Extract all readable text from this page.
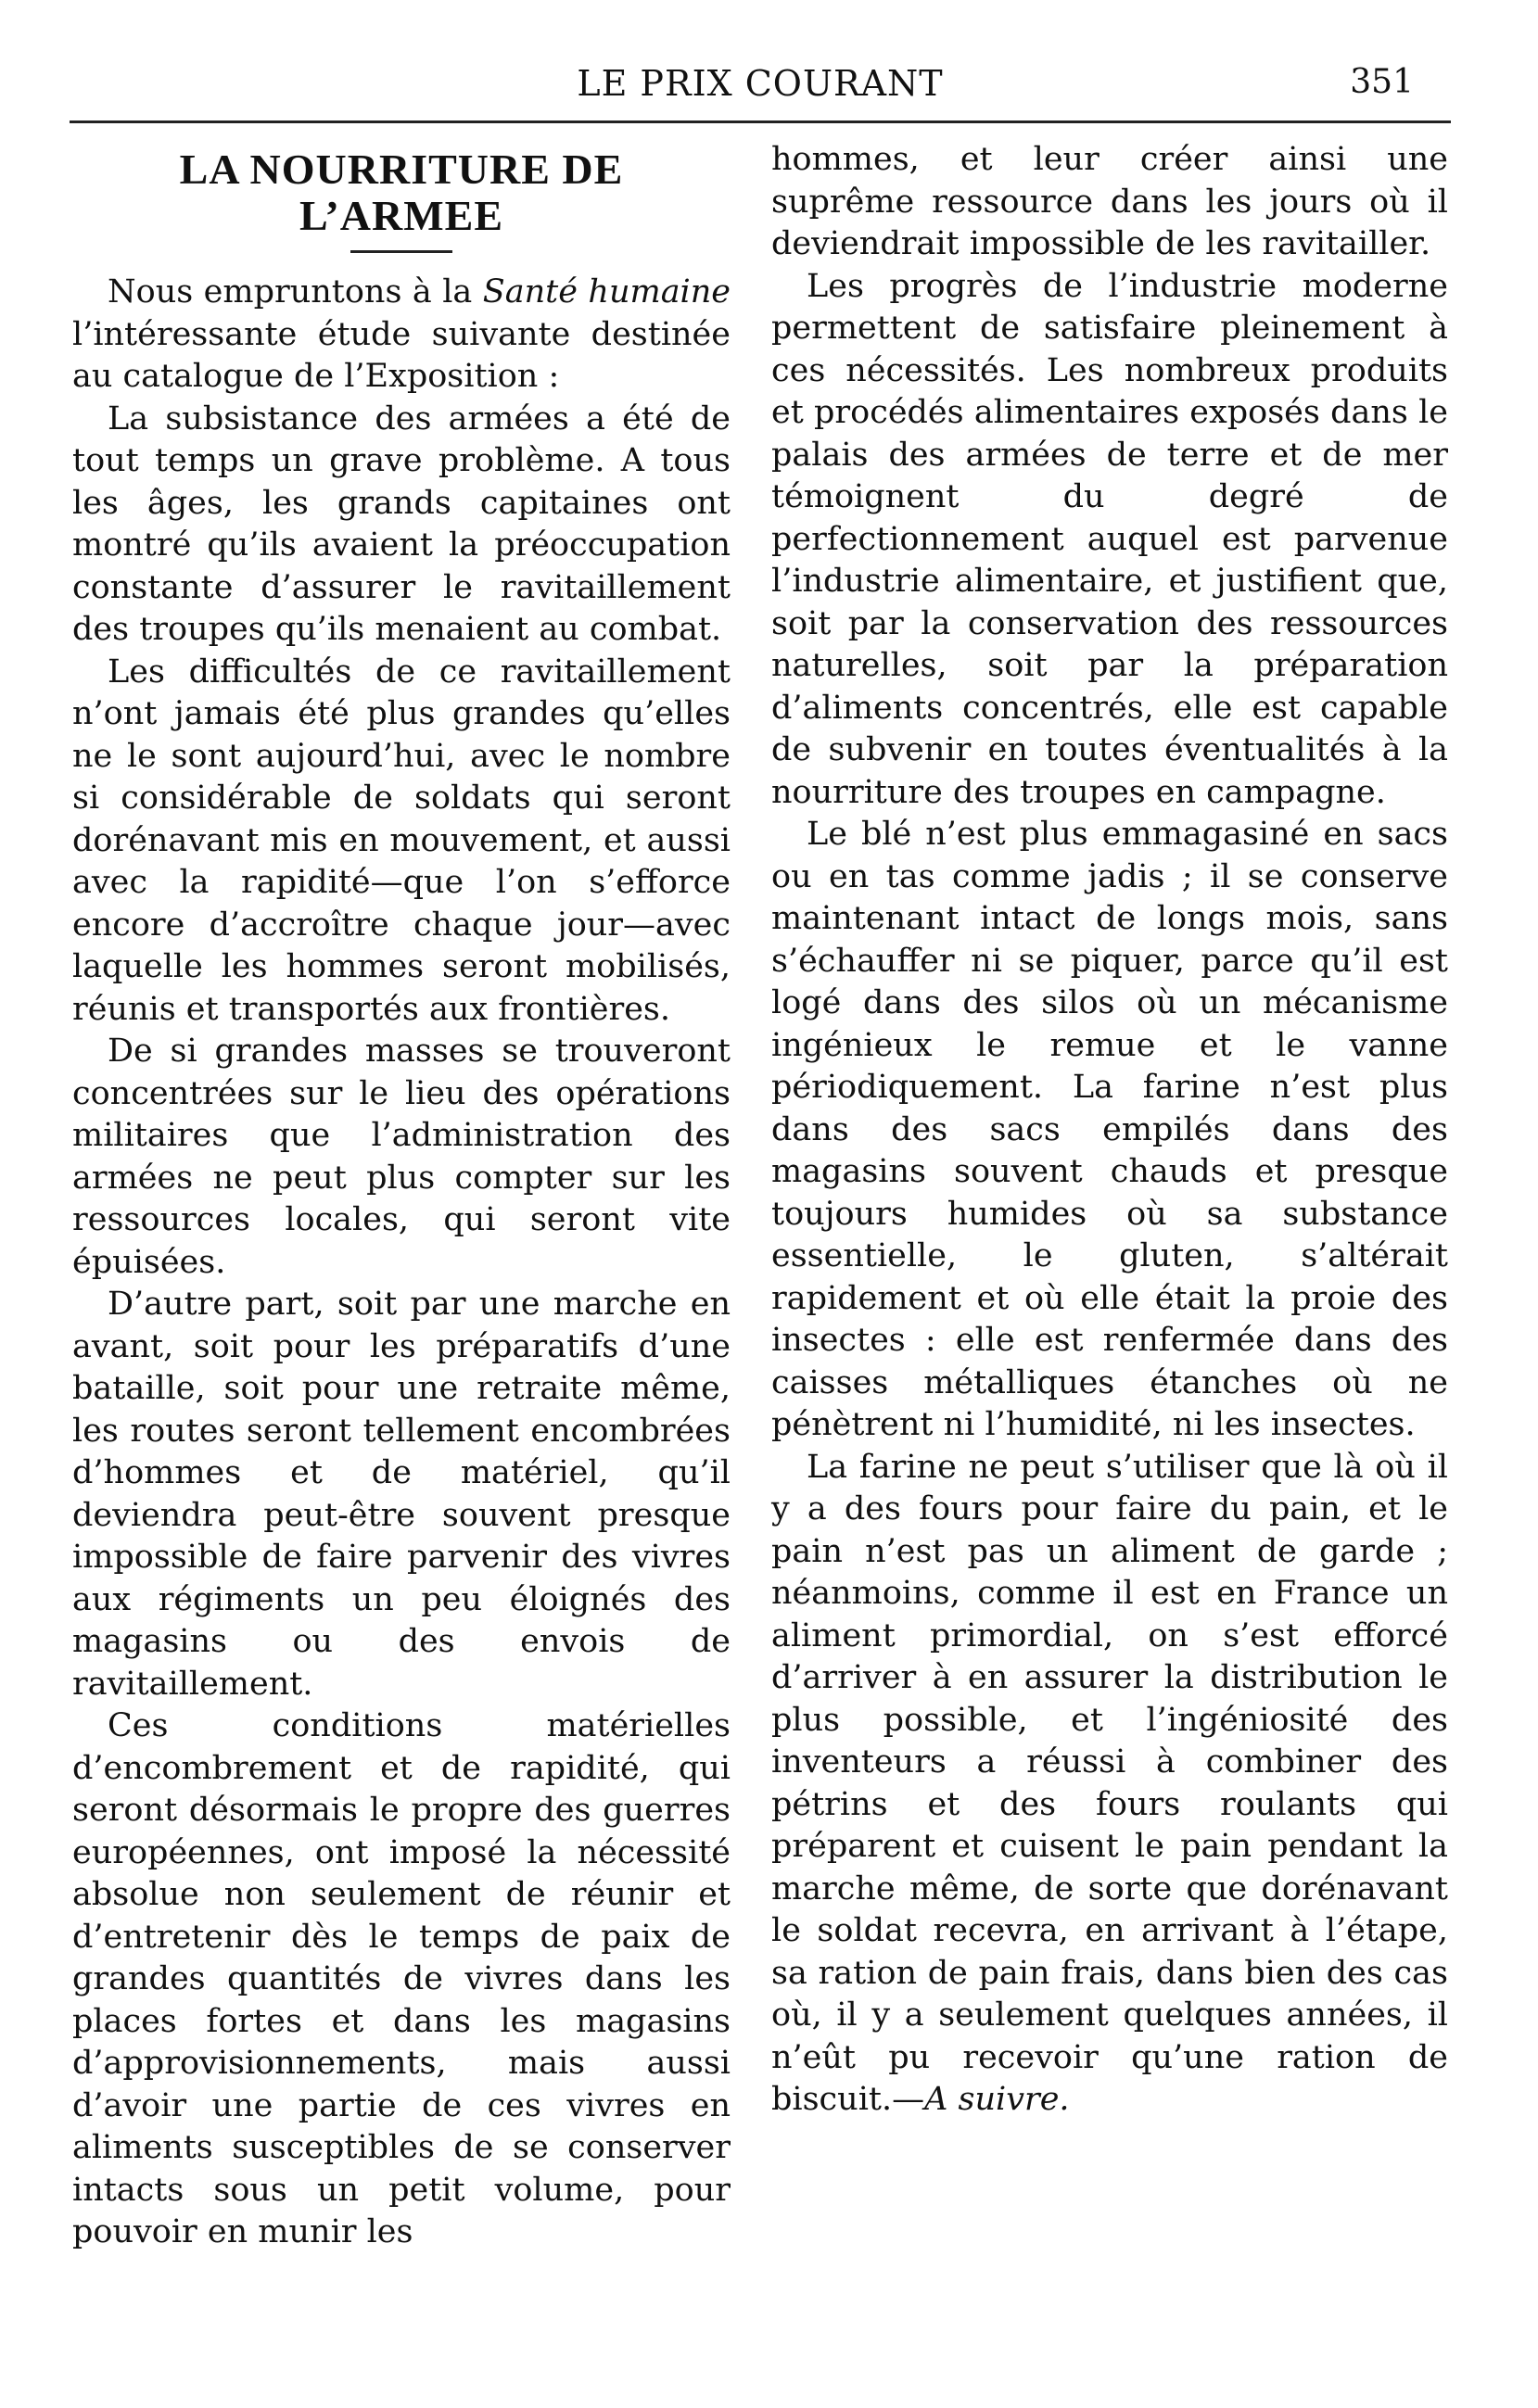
LE PRIX COURANT	351
LA NOURRITURE DE L’ARMEE

Nous empruntons à la Santé humaine l’intéressante étude suivante destinée au catalogue de l’Exposition :

La subsistance des armées a été de tout temps un grave problème. A tous les âges, les grands capitaines ont montré qu’ils avaient la préoccupation constante d’assurer le ravitaillement des troupes qu’ils menaient au combat.

Les difficultés de ce ravitaillement n’ont jamais été plus grandes qu’elles ne le sont aujourd’hui, avec le nombre si considérable de soldats qui seront dorénavant mis en mouvement, et aussi avec la rapidité—que l’on s’efforce encore d’accroître chaque jour—avec laquelle les hommes seront mobilisés, réunis et transportés aux frontières.

De si grandes masses se trouveront concentrées sur le lieu des opérations militaires que l’administration des armées ne peut plus compter sur les ressources locales, qui seront vite épuisées.

D’autre part, soit par une marche en avant, soit pour les préparatifs d’une bataille, soit pour une retraite même, les routes seront tellement encombrées d’hommes et de matériel, qu’il deviendra peut-être souvent presque impossible de faire parvenir des vivres aux régiments un peu éloignés des magasins ou des envois de ravitaillement.

Ces conditions matérielles d’encombrement et de rapidité, qui seront désormais le propre des guerres européennes, ont imposé la nécessité absolue non seulement de réunir et d’entretenir dès le temps de paix de grandes quantités de vivres dans les places fortes et dans les magasins d’approvisionnements, mais aussi d’avoir une partie de ces vivres en aliments susceptibles de se conserver intacts sous un petit volume, pour pouvoir en munir les

hommes, et leur créer ainsi une suprême ressource dans les jours où il deviendrait impossible de les ravitailler.

Les progrès de l’industrie moderne permettent de satisfaire pleinement à ces nécessités. Les nombreux produits et procédés alimentaires exposés dans le palais des armées de terre et de mer témoignent du degré de perfectionnement auquel est parvenue l’industrie alimentaire, et justifient que, soit par la conservation des ressources naturelles, soit par la préparation d’aliments concentrés, elle est capable de subvenir en toutes éventualités à la nourriture des troupes en campagne.

Le blé n’est plus emmagasiné en sacs ou en tas comme jadis ; il se conserve maintenant intact de longs mois, sans s’échauffer ni se piquer, parce qu’il est logé dans des silos où un mécanisme ingénieux le remue et le vanne périodiquement. La farine n’est plus dans des sacs empilés dans des magasins souvent chauds et presque toujours humides où sa substance essentielle, le gluten, s’altérait rapidement et où elle était la proie des insectes : elle est renfermée dans des caisses métalliques étanches où ne pénètrent ni l’humidité, ni les insectes.

La farine ne peut s’utiliser que là où il y a des fours pour faire du pain, et le pain n’est pas un aliment de garde ; néanmoins, comme il est en France un aliment primordial, on s’est efforcé d’arriver à en assurer la distribution le plus possible, et l’ingéniosité des inventeurs a réussi à combiner des pétrins et des fours roulants qui préparent et cuisent le pain pendant la marche même, de sorte que dorénavant le soldat recevra, en arrivant à l’étape, sa ration de pain frais, dans bien des cas où, il y a seulement quelques années, il n’eût pu recevoir qu’une ration de biscuit.—A suivre.
